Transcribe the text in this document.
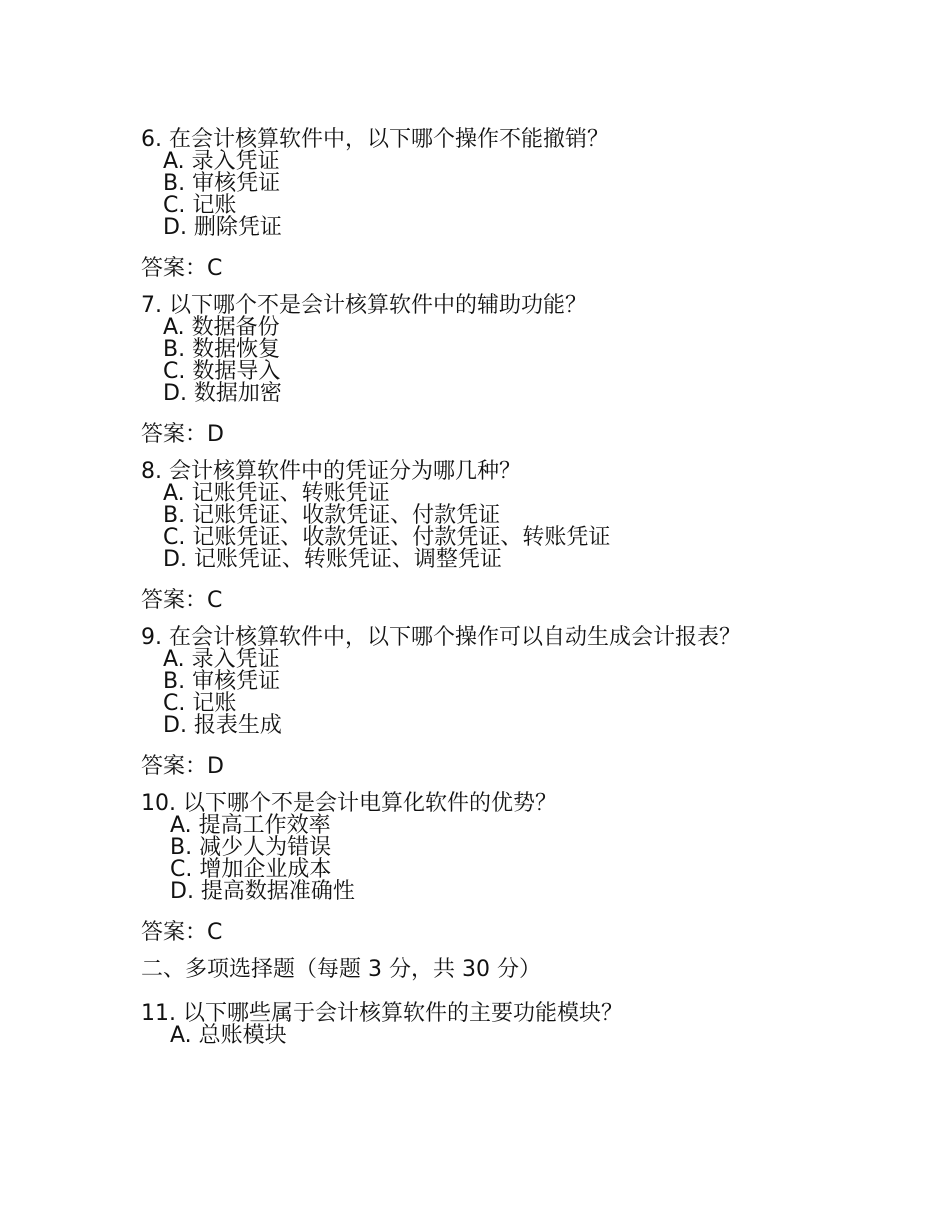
6. 在会计核算软件中，以下哪个操作不能撤销？

A. 录入凭证
B. 审核凭证
C. 记账
D. 删除凭证

答案：C

7. 以下哪个不是会计核算软件中的辅助功能？

A. 数据备份
B. 数据恢复
C. 数据导入
D. 数据加密

答案：D

8. 会计核算软件中的凭证分为哪几种？

A. 记账凭证、转账凭证
B. 记账凭证、收款凭证、付款凭证
C. 记账凭证、收款凭证、付款凭证、转账凭证
D. 记账凭证、转账凭证、调整凭证

答案：C

9. 在会计核算软件中，以下哪个操作可以自动生成会计报表？

A. 录入凭证
B. 审核凭证
C. 记账
D. 报表生成

答案：D

10. 以下哪个不是会计电算化软件的优势？

A. 提高工作效率
B. 减少人为错误
C. 增加企业成本
D. 提高数据准确性

答案：C

二、多项选择题（每题 3 分，共 30 分）

11. 以下哪些属于会计核算软件的主要功能模块？

A. 总账模块
